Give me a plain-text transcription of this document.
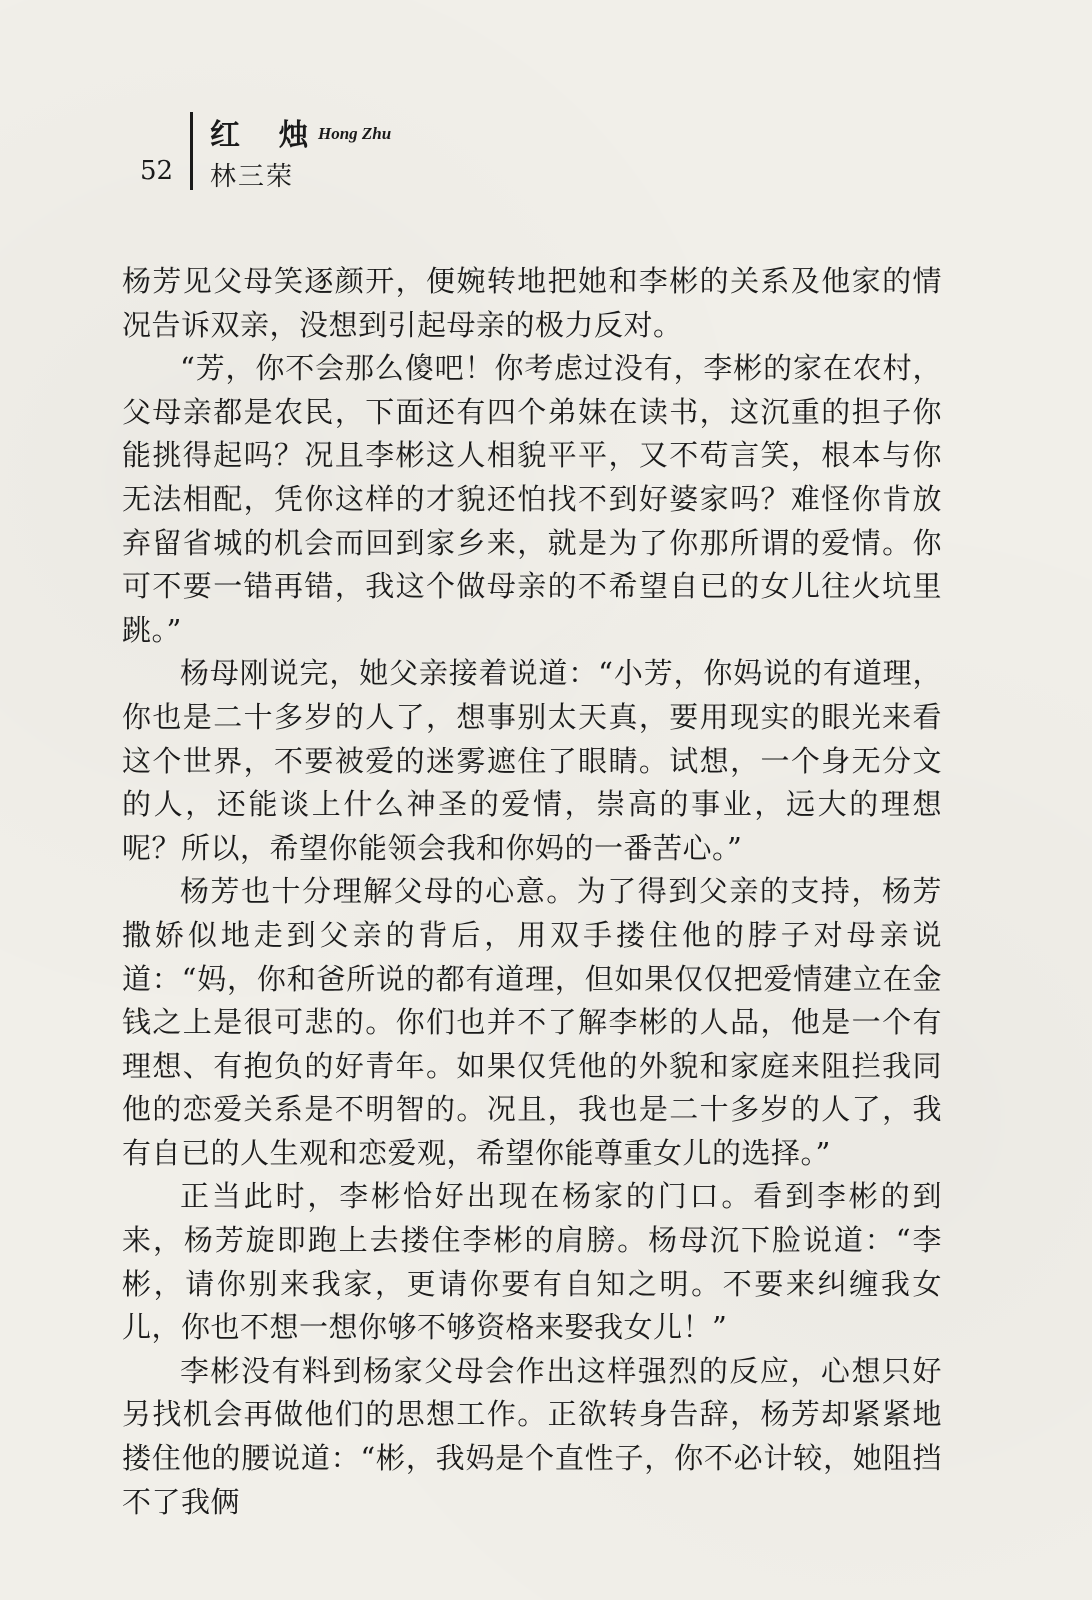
52
红 烛
Hong Zhu
林三荣

杨芳见父母笑逐颜开，便婉转地把她和李彬的关系及他家的情况告诉双亲，没想到引起母亲的极力反对。

“芳，你不会那么傻吧！你考虑过没有，李彬的家在农村，父母亲都是农民，下面还有四个弟妹在读书，这沉重的担子你能挑得起吗？况且李彬这人相貌平平，又不苟言笑，根本与你无法相配，凭你这样的才貌还怕找不到好婆家吗？难怪你肯放弃留省城的机会而回到家乡来，就是为了你那所谓的爱情。你可不要一错再错，我这个做母亲的不希望自已的女儿往火坑里跳。”

杨母刚说完，她父亲接着说道：“小芳，你妈说的有道理，你也是二十多岁的人了，想事别太天真，要用现实的眼光来看这个世界，不要被爱的迷雾遮住了眼睛。试想，一个身无分文的人，还能谈上什么神圣的爱情，崇高的事业，远大的理想呢？所以，希望你能领会我和你妈的一番苦心。”

杨芳也十分理解父母的心意。为了得到父亲的支持，杨芳撒娇似地走到父亲的背后，用双手搂住他的脖子对母亲说道：“妈，你和爸所说的都有道理，但如果仅仅把爱情建立在金钱之上是很可悲的。你们也并不了解李彬的人品，他是一个有理想、有抱负的好青年。如果仅凭他的外貌和家庭来阻拦我同他的恋爱关系是不明智的。况且，我也是二十多岁的人了，我有自已的人生观和恋爱观，希望你能尊重女儿的选择。”

正当此时，李彬恰好出现在杨家的门口。看到李彬的到来，杨芳旋即跑上去搂住李彬的肩膀。杨母沉下脸说道：“李彬，请你别来我家，更请你要有自知之明。不要来纠缠我女儿，你也不想一想你够不够资格来娶我女儿！”

李彬没有料到杨家父母会作出这样强烈的反应，心想只好另找机会再做他们的思想工作。正欲转身告辞，杨芳却紧紧地搂住他的腰说道：“彬，我妈是个直性子，你不必计较，她阻挡不了我俩
